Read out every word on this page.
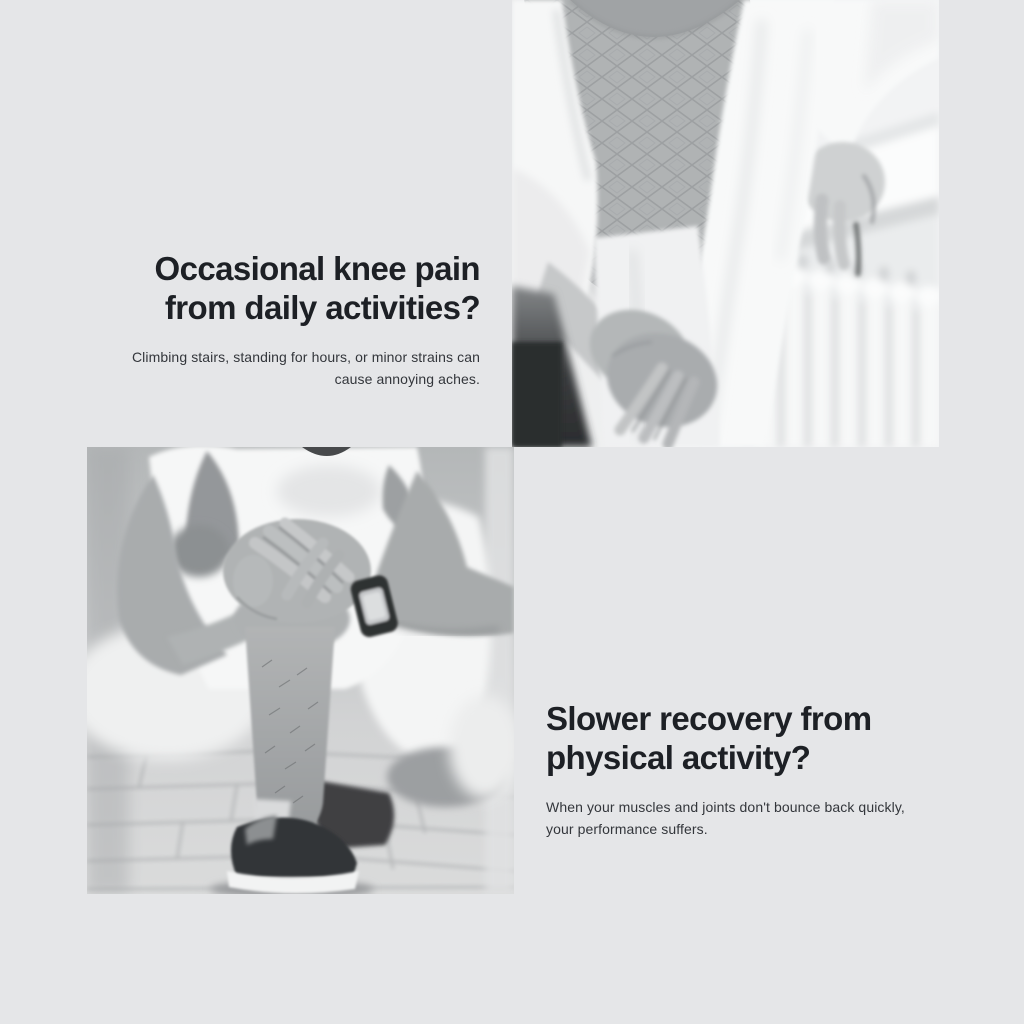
Occasional knee pain
from daily activities?

Climbing stairs, standing for hours, or minor strains can
cause annoying aches.

Slower recovery from
physical activity?

When your muscles and joints don't bounce back quickly,
your performance suffers.
